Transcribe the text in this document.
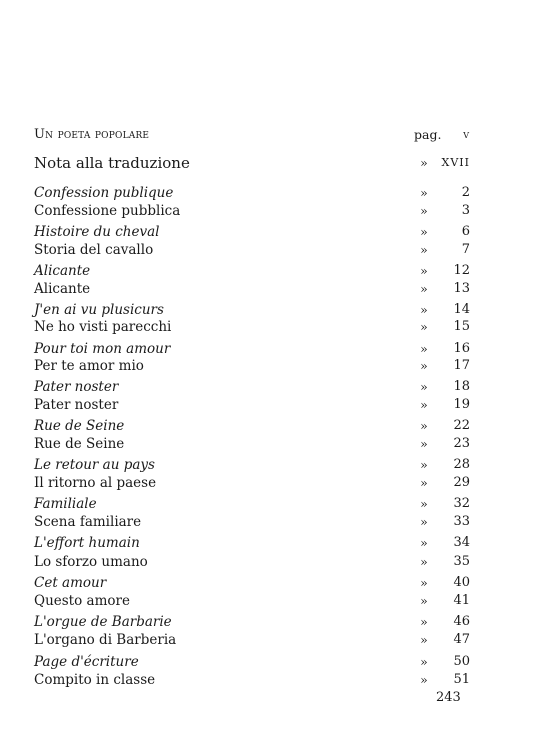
Un poeta popolare	pag. v
Nota alla traduzione	»	XVII
Confession publique	»	2
Confessione pubblica	»	3
Histoire du cheval	»	6
Storia del cavallo	»	7
Alicante	»	12
Alicante	»	13
J'en ai vu plusicurs	»	14
Ne ho visti parecchi	»	15
Pour toi mon amour	»	16
Per te amor mio	»	17
Pater noster	»	18
Pater noster	»	19
Rue de Seine	»	22
Rue de Seine	»	23
Le retour au pays	»	28
Il ritorno al paese	»	29
Familiale	»	32
Scena familiare	»	33
L'effort humain	»	34
Lo sforzo umano	»	35
Cet amour	»	40
Questo amore	»	41
L'orgue de Barbarie	»	46
L'organo di Barberia	»	47
Page d'écriture	»	50
Compito in classe	»	51
243
